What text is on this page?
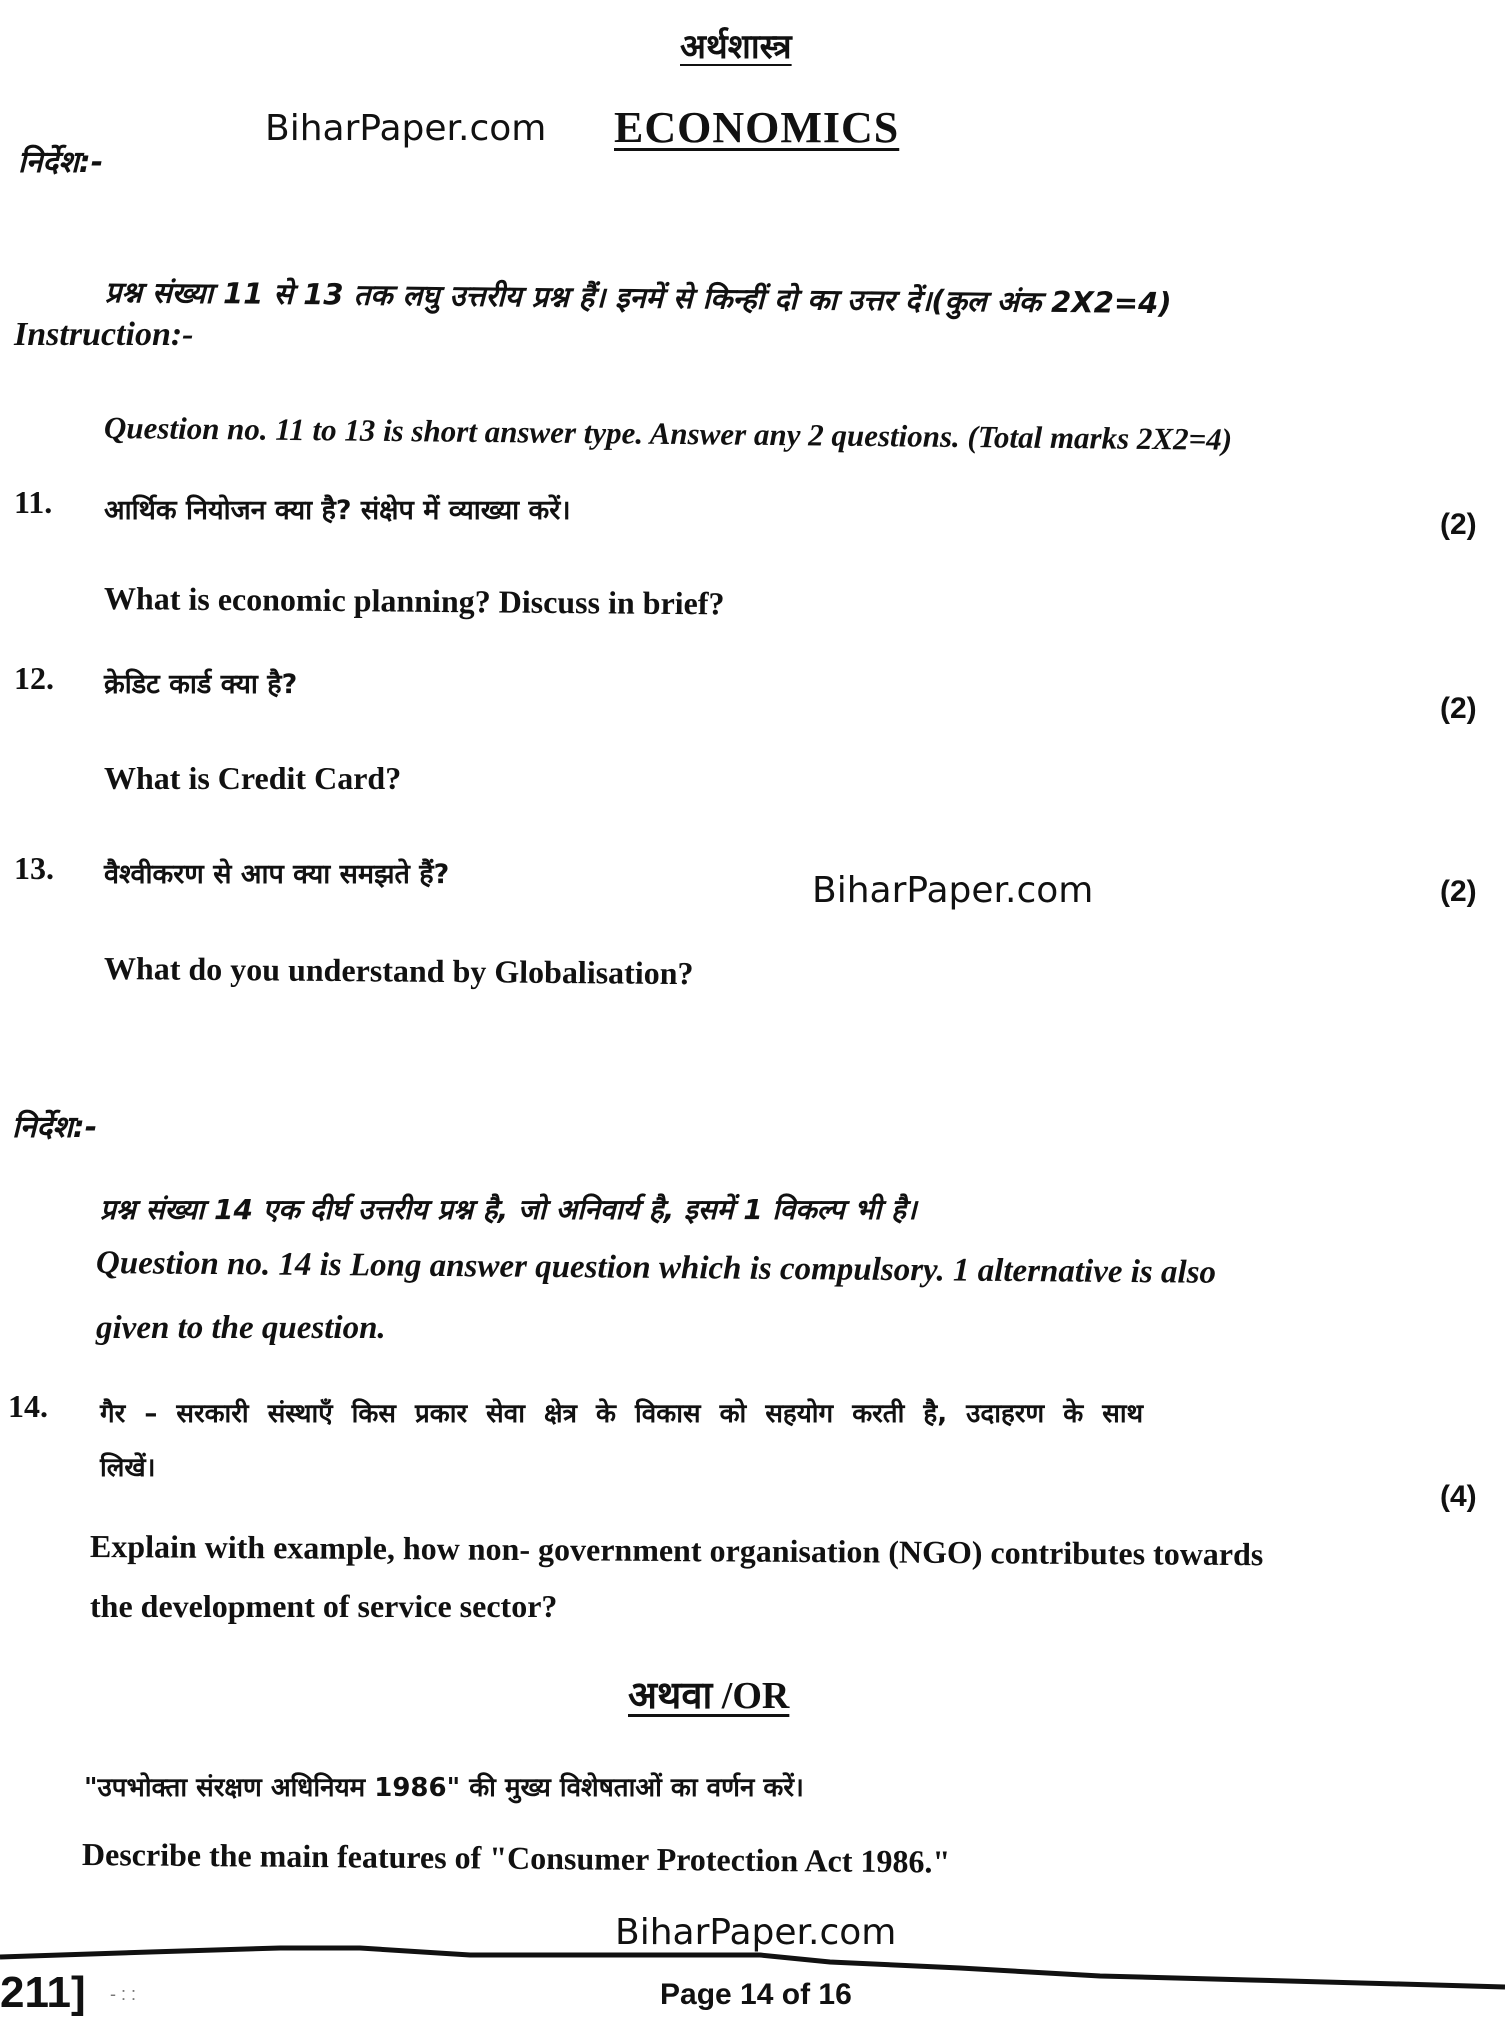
अर्थशास्त्र
BiharPaper.com ECONOMICS
निर्देश:-
प्रश्न संख्या 11 से 13 तक लघु उत्तरीय प्रश्न हैं। इनमें से किन्हीं दो का उत्तर दें।(कुल अंक 2X2=4)
Instruction:-
Question no. 11 to 13 is short answer type. Answer any 2 questions. (Total marks 2X2=4)
11. आर्थिक नियोजन क्या है? संक्षेप में व्याख्या करें।	(2)
What is economic planning? Discuss in brief?
12. क्रेडिट कार्ड क्या है?
(2)
What is Credit Card?
13. वैश्वीकरण से आप क्या समझते हैं?	BiharPaper.com	(2)
What do you understand by Globalisation?
निर्देश:-
प्रश्न संख्या 14 एक दीर्घ उत्तरीय प्रश्न है, जो अनिवार्य है, इसमें 1 विकल्प भी है।
Question no. 14 is Long answer question which is compulsory. 1 alternative is also
given to the question.
14. गैर – सरकारी संस्थाएँ किस प्रकार सेवा क्षेत्र के विकास को सहयोग करती है, उदाहरण के साथ
लिखें।
(4)
Explain with example, how non- government organisation (NGO) contributes towards
the development of service sector?
अथवा /OR
"उपभोक्ता संरक्षण अधिनियम 1986" की मुख्य विशेषताओं का वर्णन करें।
Describe the main features of "Consumer Protection Act 1986."
BiharPaper.com
211] - : :	Page 14 of 16
